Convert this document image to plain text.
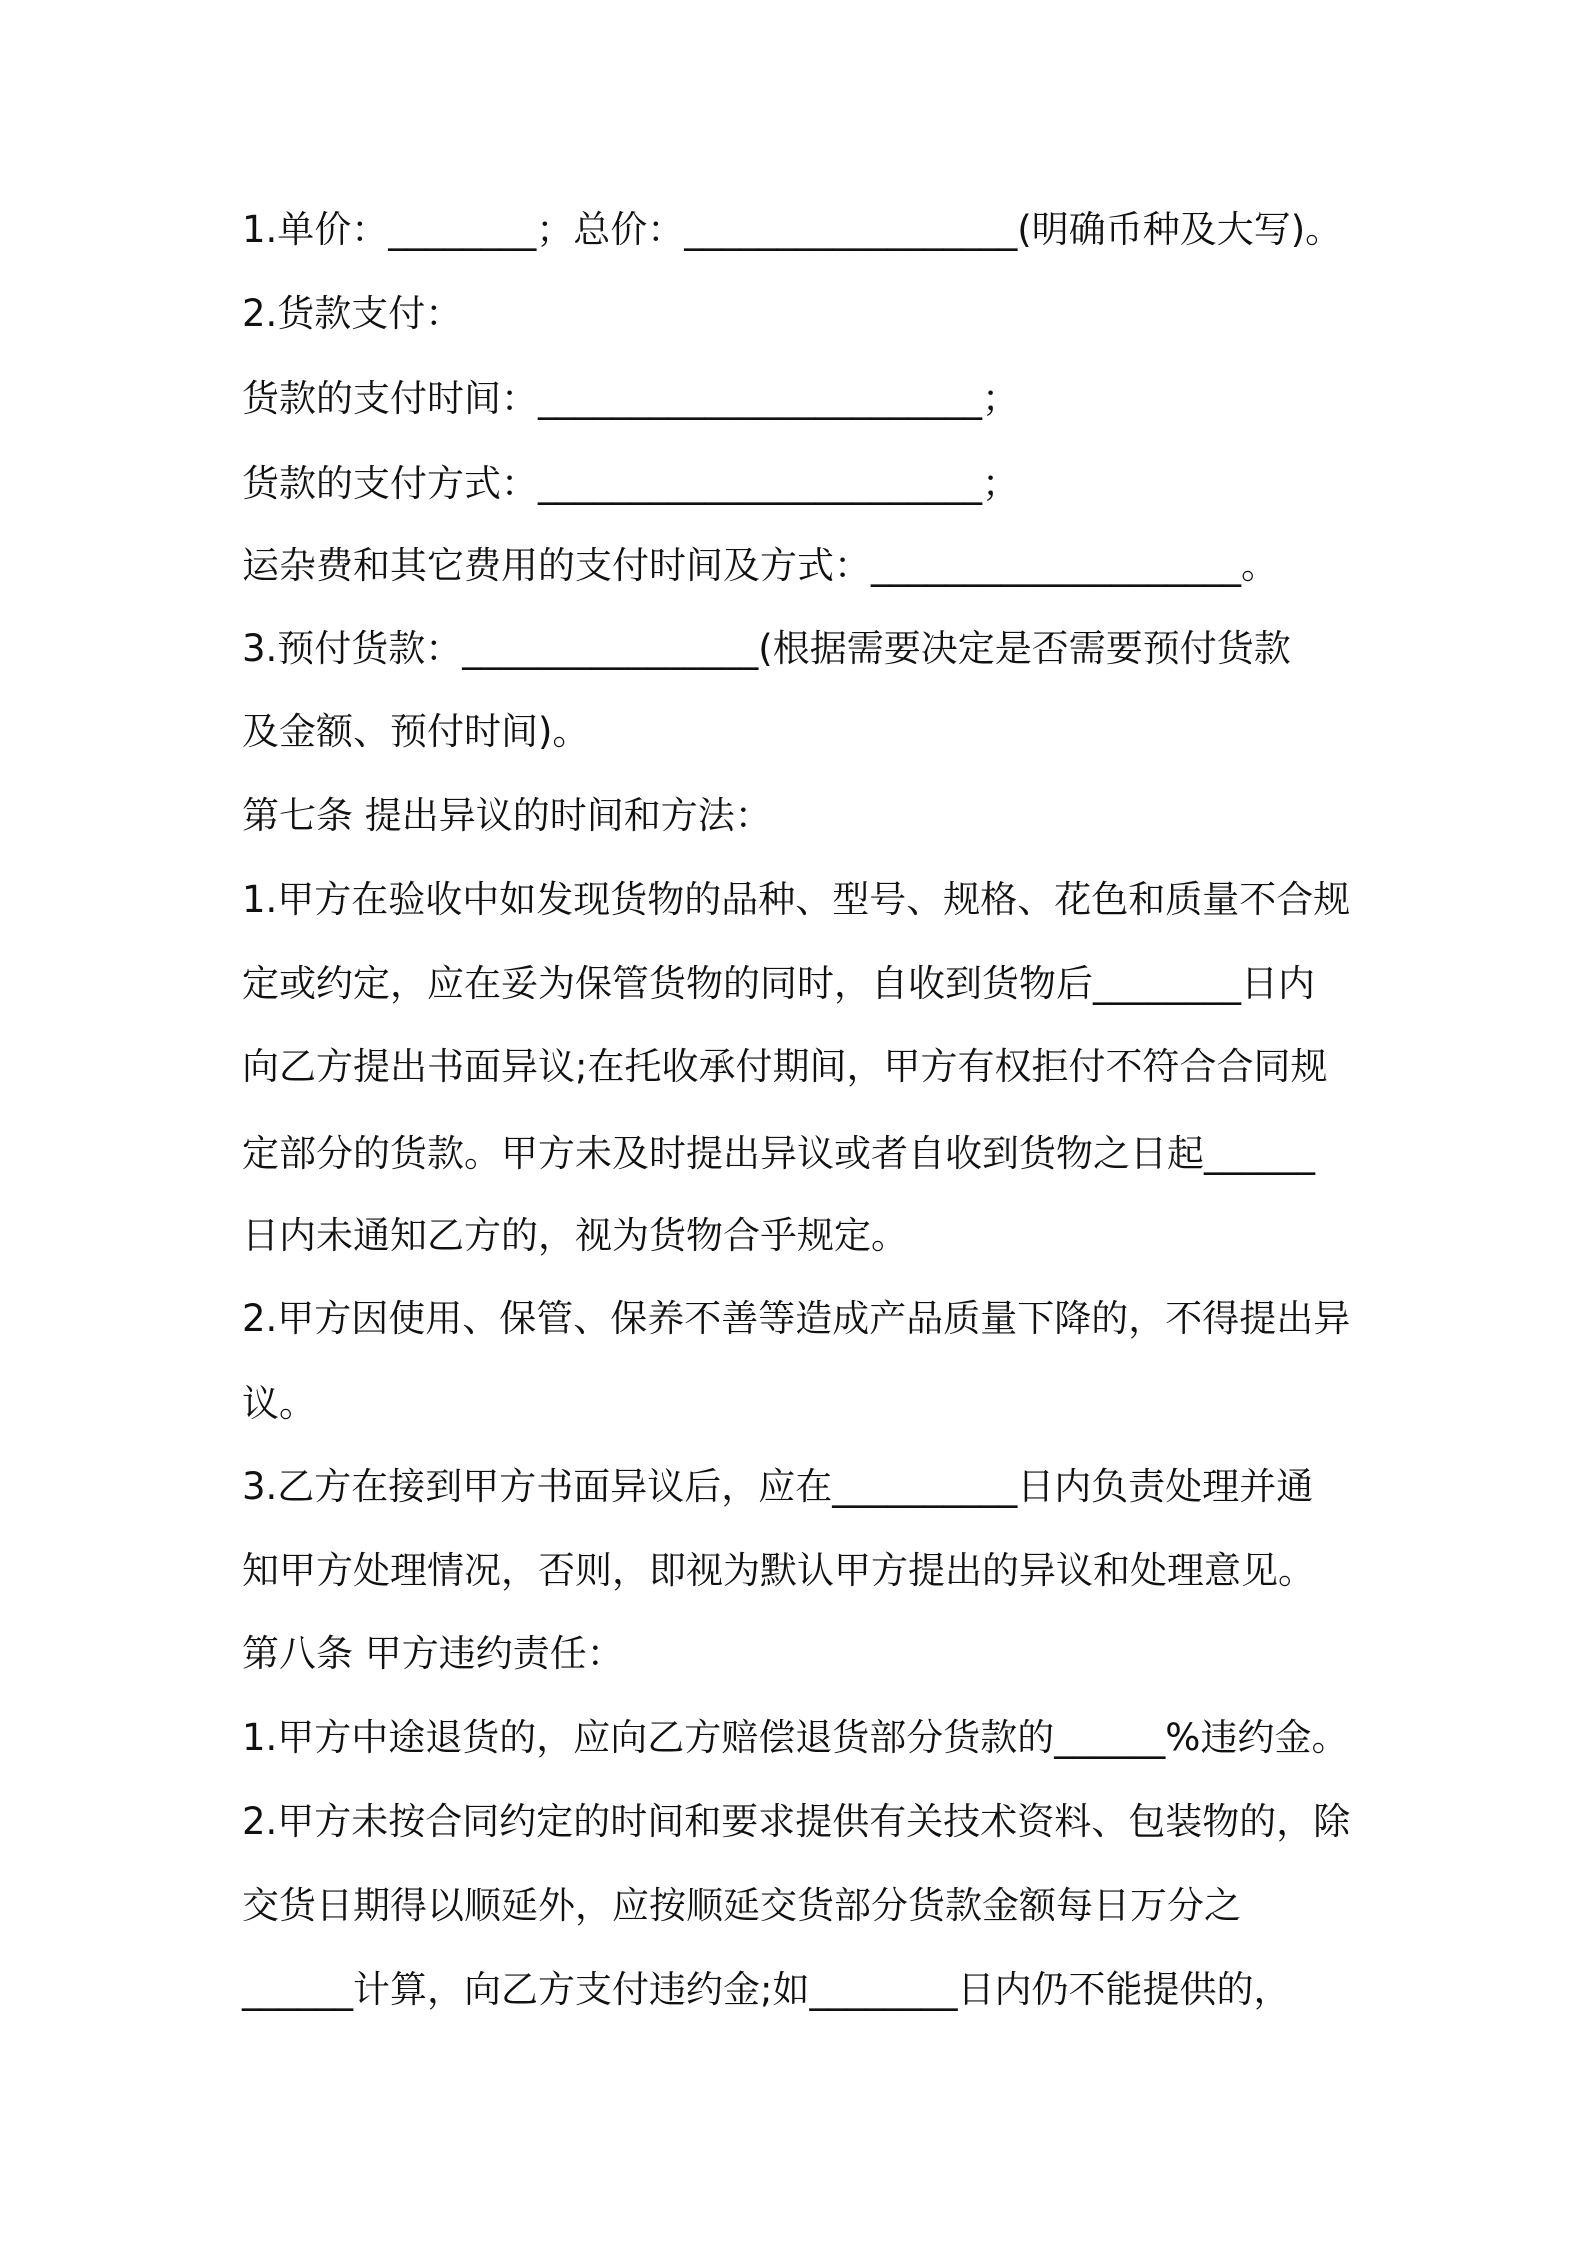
1.单价：________；总价：__________________(明确币种及大写)。
2.货款支付：
货款的支付时间：________________________；
货款的支付方式：________________________；
运杂费和其它费用的支付时间及方式：____________________。
3.预付货款：________________(根据需要决定是否需要预付货款
及金额、预付时间)。
第七条 提出异议的时间和方法：
1.甲方在验收中如发现货物的品种、型号、规格、花色和质量不合规
定或约定，应在妥为保管货物的同时，自收到货物后________日内
向乙方提出书面异议;在托收承付期间，甲方有权拒付不符合合同规
定部分的货款。甲方未及时提出异议或者自收到货物之日起______
日内未通知乙方的，视为货物合乎规定。
2.甲方因使用、保管、保养不善等造成产品质量下降的，不得提出异
议。
3.乙方在接到甲方书面异议后，应在__________日内负责处理并通
知甲方处理情况，否则，即视为默认甲方提出的异议和处理意见。
第八条 甲方违约责任：
1.甲方中途退货的，应向乙方赔偿退货部分货款的______%违约金。
2.甲方未按合同约定的时间和要求提供有关技术资料、包装物的，除
交货日期得以顺延外，应按顺延交货部分货款金额每日万分之
______计算，向乙方支付违约金;如________日内仍不能提供的，
